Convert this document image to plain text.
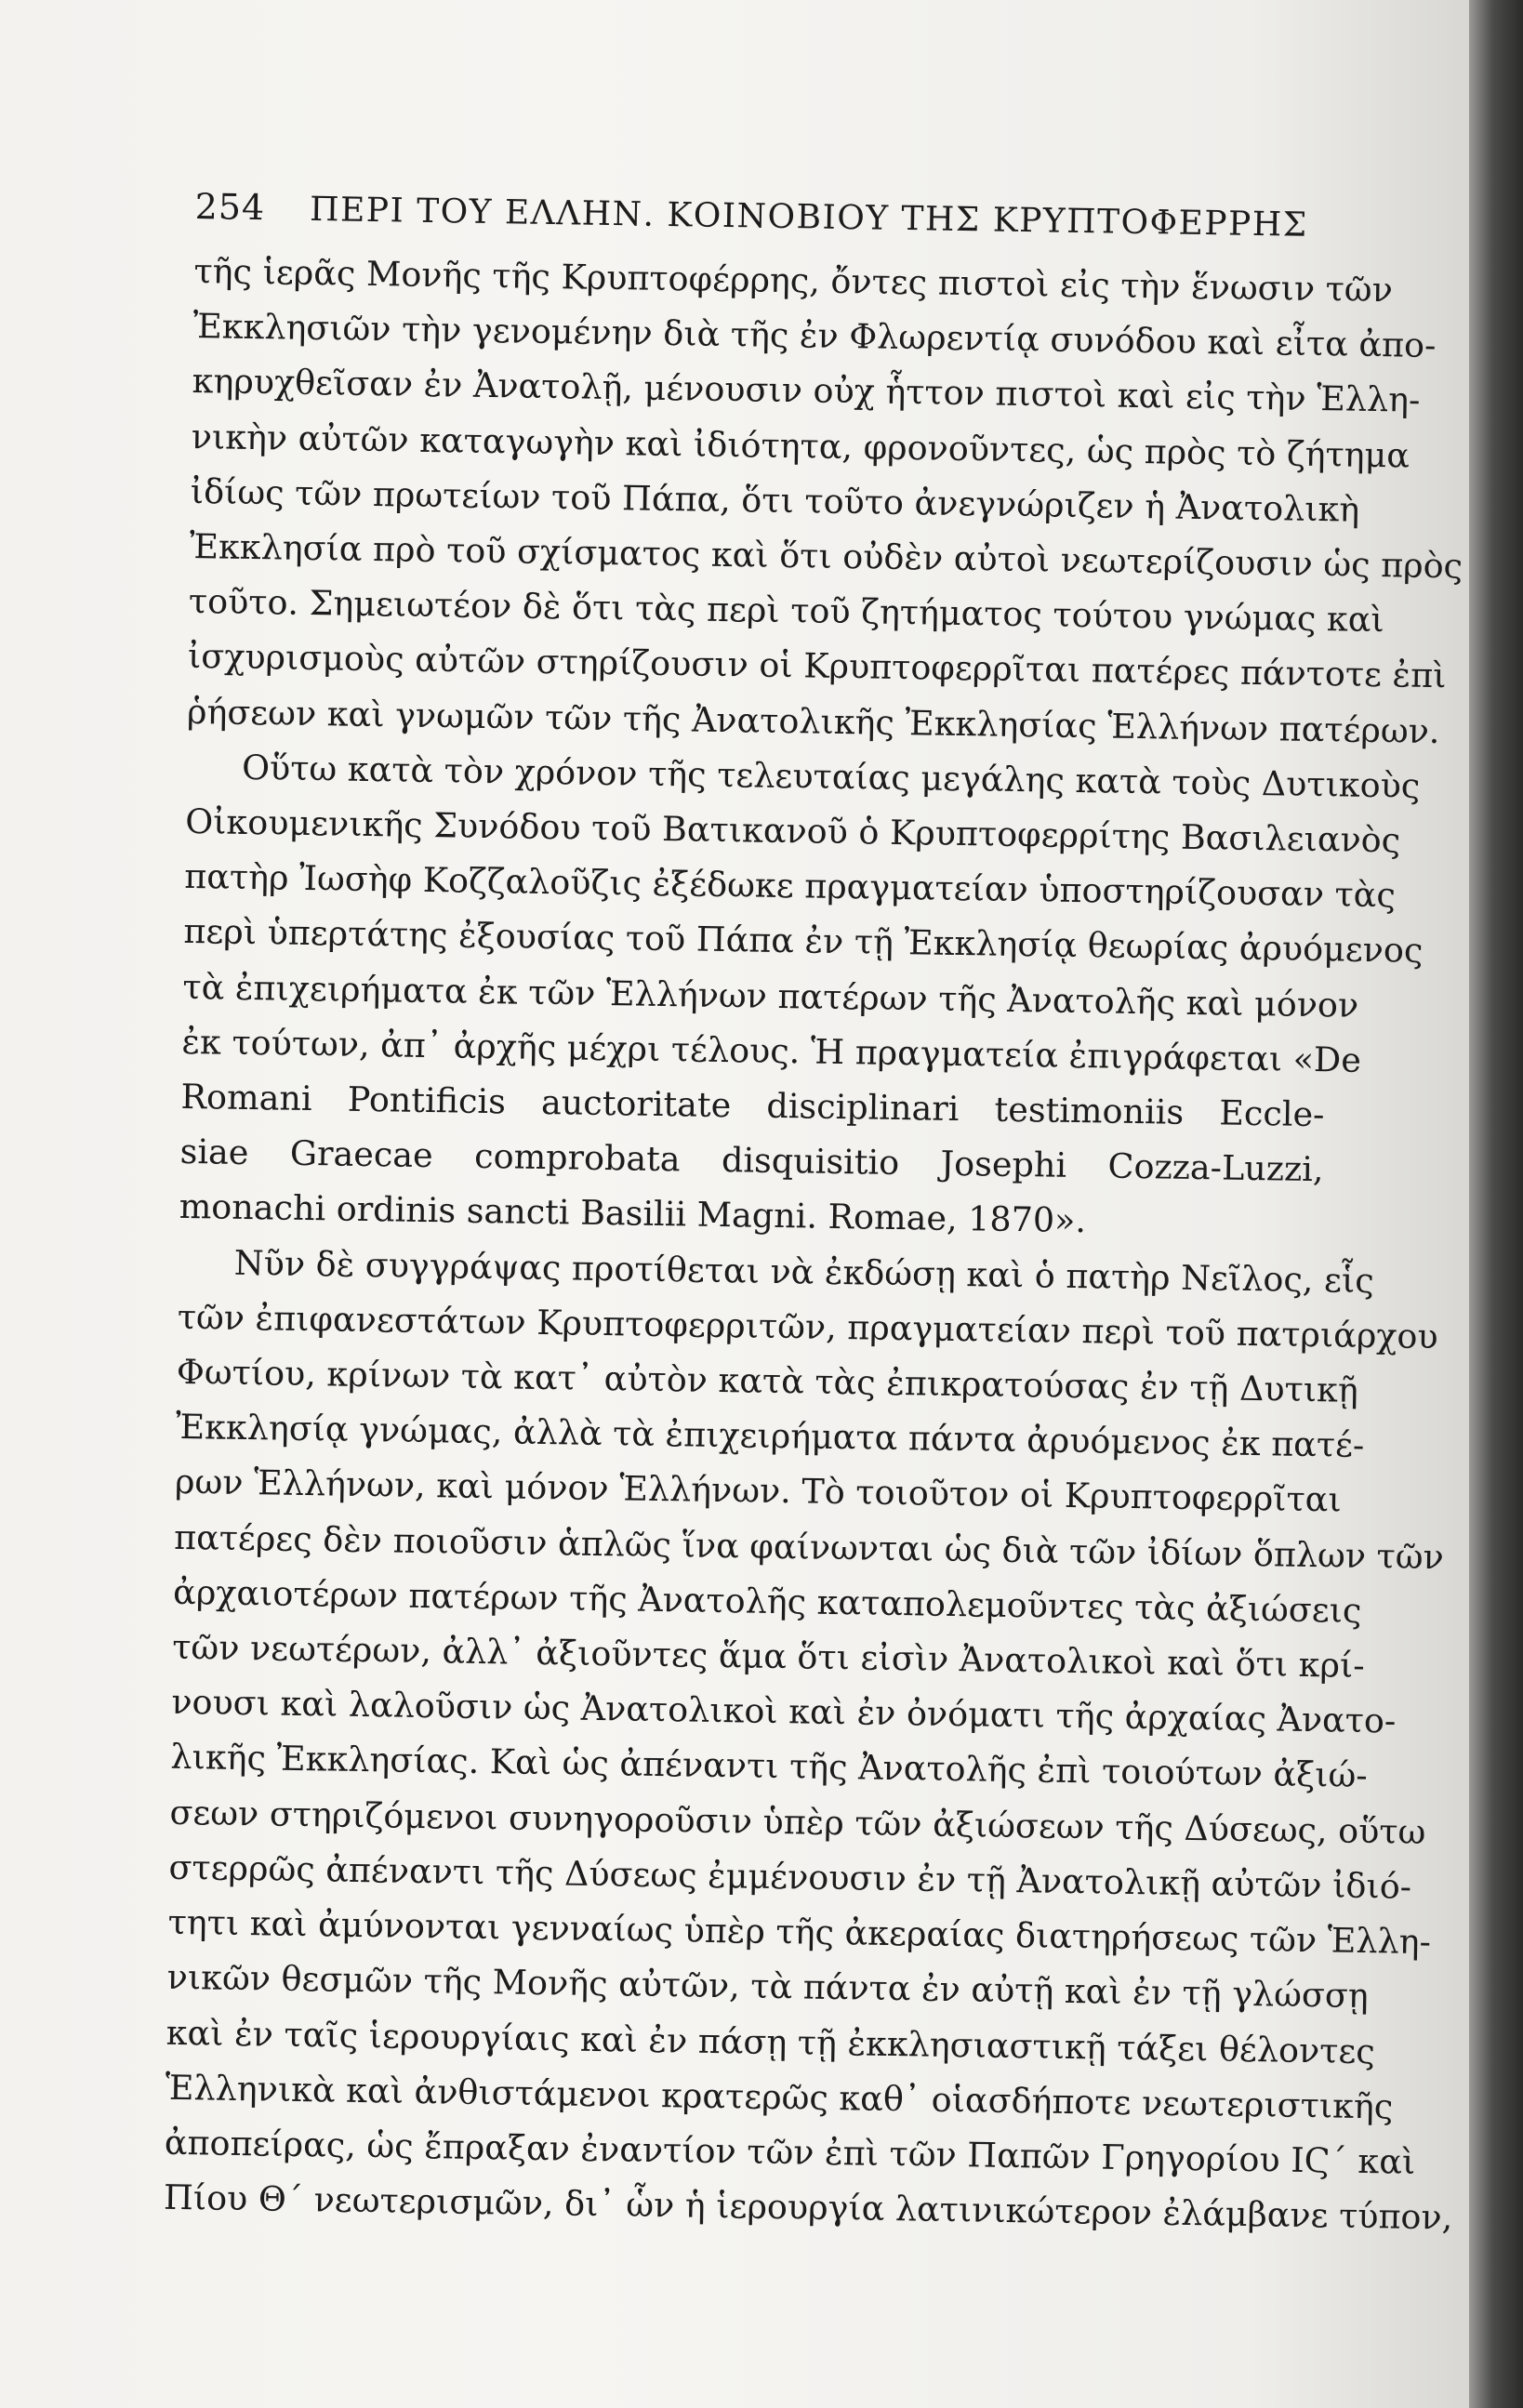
254 ΠΕΡΙ ΤΟΥ ΕΛΛΗΝ. ΚΟΙΝΟΒΙΟΥ ΤΗΣ ΚΡΥΠΤΟΦΕΡΡΗΣ

τῆς ἱερᾶς Μονῆς τῆς Κρυπτοφέρρης, ὄντες πιστοὶ εἰς τὴν ἕνωσιν τῶν

Ἐκκλησιῶν τὴν γενομένην διὰ τῆς ἐν Φλωρεντίᾳ συνόδου καὶ εἶτα ἀπο-

κηρυχθεῖσαν ἐν Ἀνατολῇ, μένουσιν οὐχ ἧττον πιστοὶ καὶ εἰς τὴν Ἑλλη-

νικὴν αὐτῶν καταγωγὴν καὶ ἰδιότητα, φρονοῦντες, ὡς πρὸς τὸ ζήτημα

ἰδίως τῶν πρωτείων τοῦ Πάπα, ὅτι τοῦτο ἀνεγνώριζεν ἡ Ἀνατολικὴ

Ἐκκλησία πρὸ τοῦ σχίσματος καὶ ὅτι οὐδὲν αὐτοὶ νεωτερίζουσιν ὡς πρὸς

τοῦτο. Σημειωτέον δὲ ὅτι τὰς περὶ τοῦ ζητήματος τούτου γνώμας καὶ

ἰσχυρισμοὺς αὐτῶν στηρίζουσιν οἱ Κρυπτοφερρῖται πατέρες πάντοτε ἐπὶ

ῥήσεων καὶ γνωμῶν τῶν τῆς Ἀνατολικῆς Ἐκκλησίας Ἑλλήνων πατέρων.

Οὕτω κατὰ τὸν χρόνον τῆς τελευταίας μεγάλης κατὰ τοὺς Δυτικοὺς

Οἰκουμενικῆς Συνόδου τοῦ Βατικανοῦ ὁ Κρυπτοφερρίτης Βασιλειανὸς

πατὴρ Ἰωσὴφ Κοζζαλοῦζις ἐξέδωκε πραγματείαν ὑποστηρίζουσαν τὰς

περὶ ὑπερτάτης ἐξουσίας τοῦ Πάπα ἐν τῇ Ἐκκλησίᾳ θεωρίας ἀρυόμενος

τὰ ἐπιχειρήματα ἐκ τῶν Ἑλλήνων πατέρων τῆς Ἀνατολῆς καὶ μόνον

ἐκ τούτων, ἀπ᾽ ἀρχῆς μέχρι τέλους. Ἡ πραγματεία ἐπιγράφεται «De

Romani Pontificis auctoritate disciplinari testimoniis Eccle-

siae Graecae comprobata disquisitio Josephi Cozza-Luzzi,

monachi ordinis sancti Basilii Magni. Romae, 1870».

Νῦν δὲ συγγράψας προτίθεται νὰ ἐκδώσῃ καὶ ὁ πατὴρ Νεῖλος, εἷς

τῶν ἐπιφανεστάτων Κρυπτοφερριτῶν, πραγματείαν περὶ τοῦ πατριάρχου

Φωτίου, κρίνων τὰ κατ᾽ αὐτὸν κατὰ τὰς ἐπικρατούσας ἐν τῇ Δυτικῇ

Ἐκκλησίᾳ γνώμας, ἀλλὰ τὰ ἐπιχειρήματα πάντα ἀρυόμενος ἐκ πατέ-

ρων Ἑλλήνων, καὶ μόνον Ἑλλήνων. Τὸ τοιοῦτον οἱ Κρυπτοφερρῖται

πατέρες δὲν ποιοῦσιν ἁπλῶς ἵνα φαίνωνται ὡς διὰ τῶν ἰδίων ὅπλων τῶν

ἀρχαιοτέρων πατέρων τῆς Ἀνατολῆς καταπολεμοῦντες τὰς ἀξιώσεις

τῶν νεωτέρων, ἀλλ᾽ ἀξιοῦντες ἅμα ὅτι εἰσὶν Ἀνατολικοὶ καὶ ὅτι κρί-

νουσι καὶ λαλοῦσιν ὡς Ἀνατολικοὶ καὶ ἐν ὀνόματι τῆς ἀρχαίας Ἀνατο-

λικῆς Ἐκκλησίας. Καὶ ὡς ἀπέναντι τῆς Ἀνατολῆς ἐπὶ τοιούτων ἀξιώ-

σεων στηριζόμενοι συνηγοροῦσιν ὑπὲρ τῶν ἀξιώσεων τῆς Δύσεως, οὕτω

στερρῶς ἀπέναντι τῆς Δύσεως ἐμμένουσιν ἐν τῇ Ἀνατολικῇ αὐτῶν ἰδιό-

τητι καὶ ἀμύνονται γενναίως ὑπὲρ τῆς ἀκεραίας διατηρήσεως τῶν Ἑλλη-

νικῶν θεσμῶν τῆς Μονῆς αὐτῶν, τὰ πάντα ἐν αὐτῇ καὶ ἐν τῇ γλώσσῃ

καὶ ἐν ταῖς ἱερουργίαις καὶ ἐν πάσῃ τῇ ἐκκλησιαστικῇ τάξει θέλοντες

Ἑλληνικὰ καὶ ἀνθιστάμενοι κρατερῶς καθ᾽ οἱασδήποτε νεωτεριστικῆς

ἀποπείρας, ὡς ἔπραξαν ἐναντίον τῶν ἐπὶ τῶν Παπῶν Γρηγορίου ΙϚ´ καὶ

Πίου Θ´ νεωτερισμῶν, δι᾽ ὧν ἡ ἱερουργία λατινικώτερον ἐλάμβανε τύπον,
